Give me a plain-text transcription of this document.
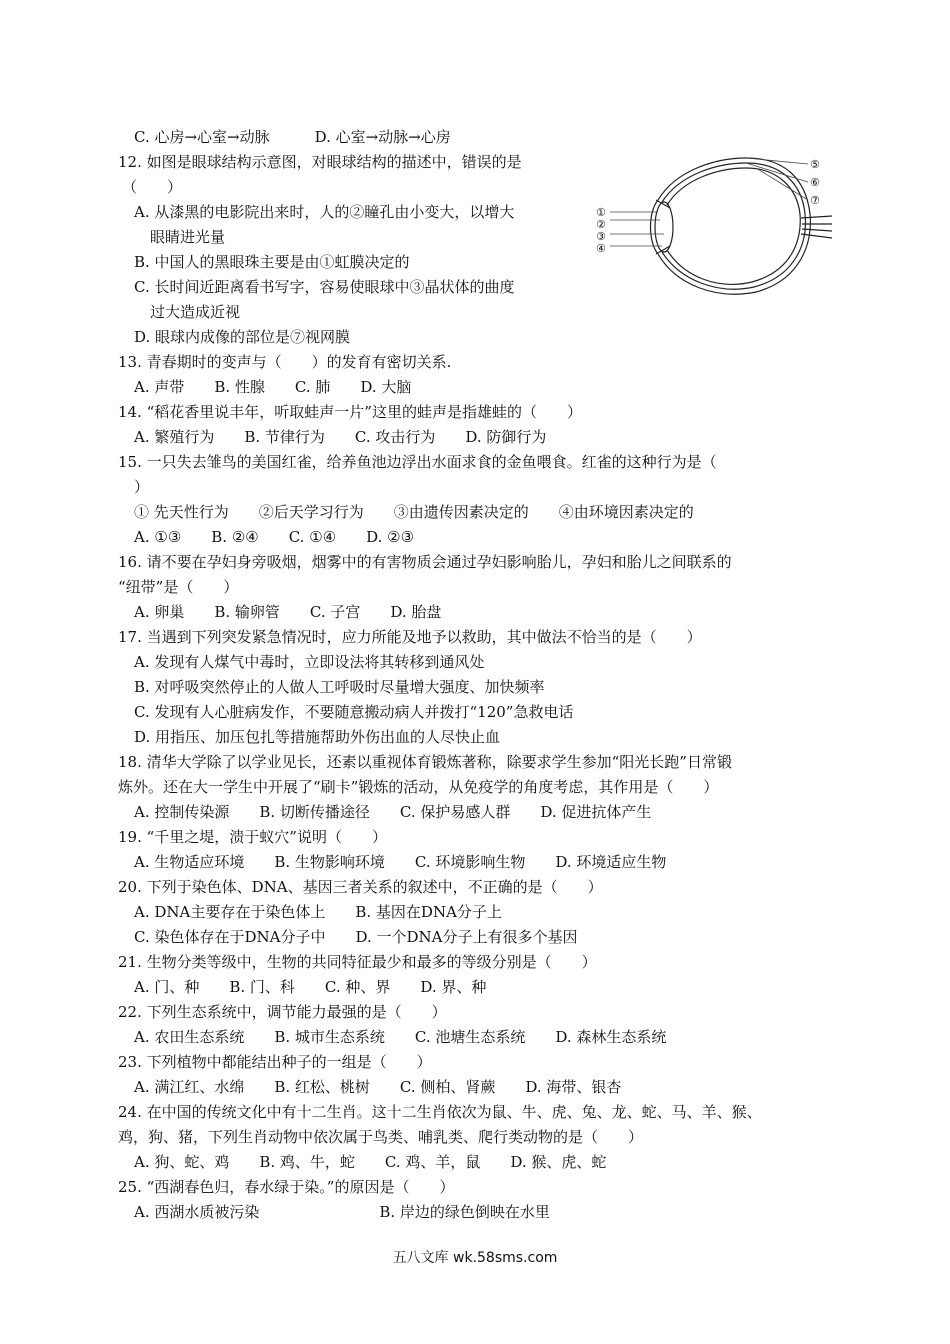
C. 心房→心室→动脉　　　D. 心室→动脉→心房
12. 如图是眼球结构示意图，对眼球结构的描述中，错误的是
（　　）
A. 从漆黑的电影院出来时，人的②瞳孔由小变大，以增大
眼睛进光量
B. 中国人的黑眼珠主要是由①虹膜决定的
C. 长时间近距离看书写字，容易使眼球中③晶状体的曲度
过大造成近视
D. 眼球内成像的部位是⑦视网膜
①
②
③
④
⑤
⑥
⑦
13. 青春期时的变声与（　　）的发育有密切关系.
A. 声带　　B. 性腺　　C. 肺　　D. 大脑
14. “稻花香里说丰年，听取蛙声一片”这里的蛙声是指雄蛙的（　　）
A. 繁殖行为　　B. 节律行为　　C. 攻击行为　　D. 防御行为
15. 一只失去雏鸟的美国红雀，给养鱼池边浮出水面求食的金鱼喂食。红雀的这种行为是（
）
① 先天性行为　　②后天学习行为　　③由遗传因素决定的　　④由环境因素决定的
A. ①③　　B. ②④　　C. ①④　　D. ②③
16. 请不要在孕妇身旁吸烟，烟雾中的有害物质会通过孕妇影响胎儿，孕妇和胎儿之间联系的
“纽带”是（　　）
A. 卵巢　　B. 输卵管　　C. 子宫　　D. 胎盘
17. 当遇到下列突发紧急情况时，应力所能及地予以救助，其中做法不恰当的是（　　）
A. 发现有人煤气中毒时，立即设法将其转移到通风处
B. 对呼吸突然停止的人做人工呼吸时尽量增大强度、加快频率
C. 发现有人心脏病发作，不要随意搬动病人并拨打“120”急救电话
D. 用指压、加压包扎等措施帮助外伤出血的人尽快止血
18. 清华大学除了以学业见长，还素以重视体育锻炼著称，除要求学生参加“阳光长跑”日常锻
炼外。还在大一学生中开展了“刷卡”锻炼的活动，从免疫学的角度考虑，其作用是（　　）
A. 控制传染源　　B. 切断传播途径　　C. 保护易感人群　　D. 促进抗体产生
19. “千里之堤，溃于蚁穴”说明（　　）
A. 生物适应环境　　B. 生物影响环境　　C. 环境影响生物　　D. 环境适应生物
20. 下列于染色体、DNA、基因三者关系的叙述中，不正确的是（　　）
A. DNA主要存在于染色体上　　B. 基因在DNA分子上
C. 染色体存在于DNA分子中　　D. 一个DNA分子上有很多个基因
21. 生物分类等级中，生物的共同特征最少和最多的等级分别是（　　）
A. 门、种　　B. 门、科　　C. 种、界　　D. 界、种
22. 下列生态系统中，调节能力最强的是（　　）
A. 农田生态系统　　B. 城市生态系统　　C. 池塘生态系统　　D. 森林生态系统
23. 下列植物中都能结出种子的一组是（　　）
A. 满江红、水绵　　B. 红松、桃树　　C. 侧柏、肾蕨　　D. 海带、银杏
24. 在中国的传统文化中有十二生肖。这十二生肖依次为鼠、牛、虎、兔、龙、蛇、马、羊、猴、
鸡，狗、猪，下列生肖动物中依次属于鸟类、哺乳类、爬行类动物的是（　　）
A. 狗、蛇、鸡　　B. 鸡、牛，蛇　　C. 鸡、羊，鼠　　D. 猴、虎、蛇
25. “西湖春色归，春水绿于染。”的原因是（　　）
A. 西湖水质被污染　　　　　　　　B. 岸边的绿色倒映在水里
五八文库 wk.58sms.com
